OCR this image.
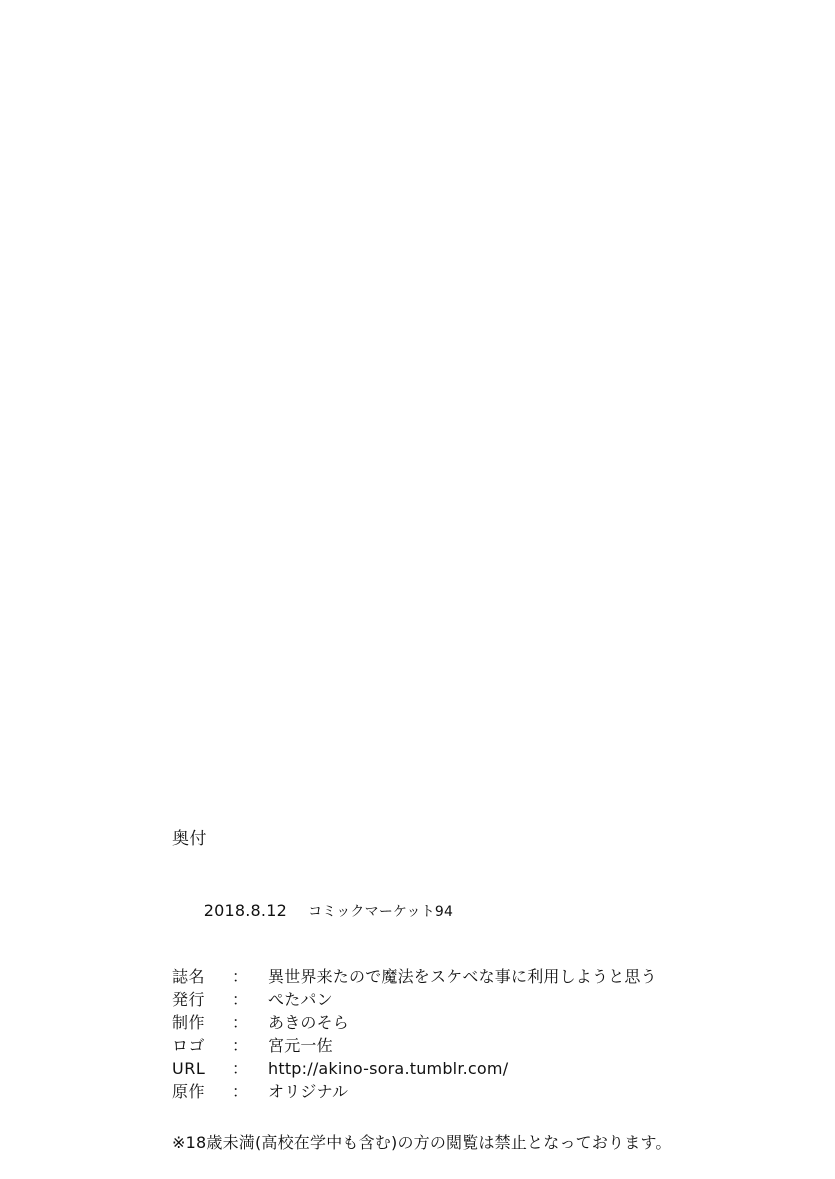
奥付

2018.8.12 コミックマーケット94

誌名	：	異世界来たので魔法をスケベな事に利用しようと思う
発行	：	ぺたパン
制作	：	あきのそら
ロゴ	：	宮元一佐
URL	：	http://akino-sora.tumblr.com/
原作	：	オリジナル
※18歳未満(高校在学中も含む)の方の閲覧は禁止となっております。
